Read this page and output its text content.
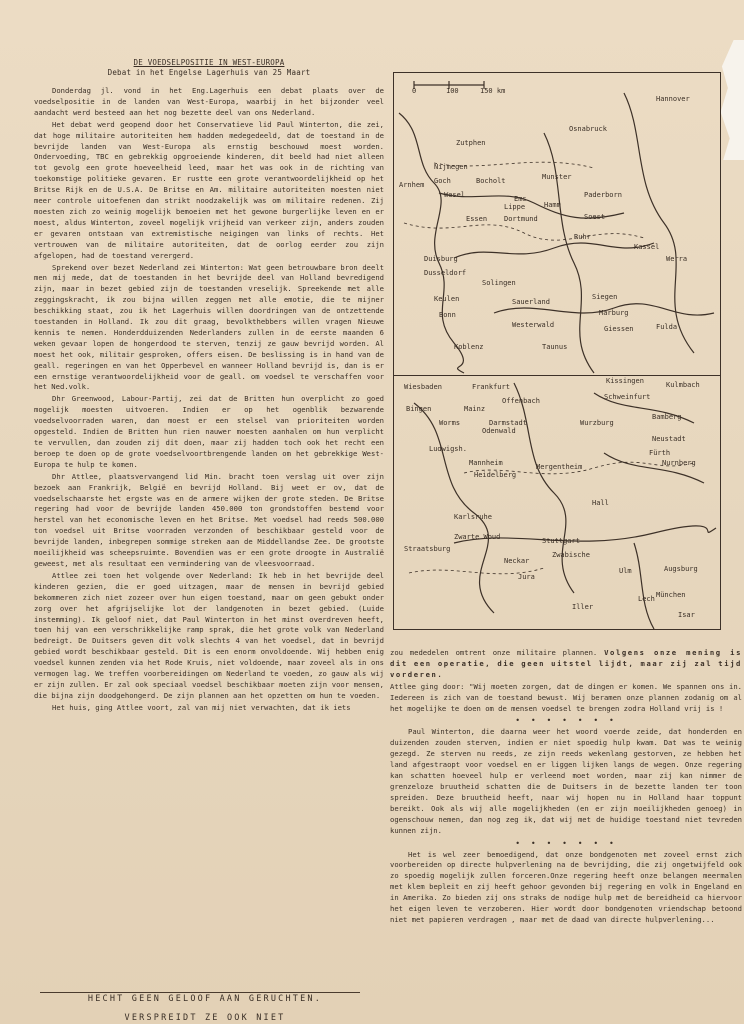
DE VOEDSELPOSITIE IN WEST-EUROPA
Debat in het Engelse Lagerhuis van 25 Maart

Donderdag jl. vond in het Eng.Lagerhuis een debat plaats over de voedselpositie in de landen van West-Europa, waarbij in het bijzonder veel aandacht werd besteed aan het nog bezette deel van ons Nederland.

Het debat werd geopend door het Conservatieve lid Paul Winterton, die zei, dat hoge militaire autoriteiten hem hadden medegedeeld, dat de toestand in de bevrijde landen van West-Europa als ernstig beschouwd moest worden. Ondervoeding, TBC en gebrekkig opgroeiende kinderen, dit beeld had niet alleen tot gevolg een grote hoeveelheid leed, maar het was ook in de richting van toekomstige politieke gevaren. Er rustte een grote verantwoordelijkheid op het Britse Rijk en de U.S.A. De Britse en Am. militaire autoriteiten moesten niet meer controle uitoefenen dan strikt noodzakelijk was om militaire redenen. Zij moesten zich zo weinig mogelijk bemoeien met het gewone burgerlijke leven en er moest, aldus Winterton, zoveel mogelijk vrijheid van verkeer zijn, anders zouden er gevaren ontstaan van extremistische neigingen van links of rechts. Het vertrouwen van de militaire autoriteiten, dat de oorlog eerder zou zijn afgelopen, had de toestand verergerd.

Sprekend over bezet Nederland zei Winterton: Wat geen betrouwbare bron deelt men mij mede, dat de toestanden in het bevrijde deel van Holland bevredigend zijn, maar in bezet gebied zijn de toestanden vreselijk. Spreekende met alle zeggingskracht, ik zou bijna willen zeggen met alle emotie, die te mijner beschikking staat, zou ik het Lagerhuis willen doordringen van de ontzettende toestanden in Holland. Ik zou dit graag, bevolkthebbers willen vragen Nieuwe kennis te nemen. Honderdduizenden Nederlanders zullen in de eerste maanden 6 weken gevaar lopen de hongerdood te sterven, tenzij ze gauw bevrijd worden. Al moest het ook, militair gesproken, offers eisen. De beslissing is in hand van de geall. regeringen en van het Opperbevel en wanneer Holland bevrijd is, dan is er een ernstige verantwoordelijkheid voor de geall. om voedsel te verschaffen voor het Ned.volk.

Dhr Greenwood, Labour-Partij, zei dat de Britten hun overplicht zo goed mogelijk moesten uitvoeren. Indien er op het ogenblik bezwarende voedselvoorraden waren, dan moest er een stelsel van prioriteiten worden opgesteld. Indien de Britten hun rien nauwer moesten aanhalen om hun verplicht te vervullen, dan zouden zij dit doen, maar zij hadden toch ook het recht een beroep te doen op de grote voedselvoortbrengende landen om het gebrekkige West-Europa te hulp te komen.

Dhr Attlee, plaatsvervangend lid Min. bracht toen verslag uit over zijn bezoek aan Frankrijk, België en bevrijd Holland. Bij weet er ov, dat de voedselschaarste het ergste was en de armere wijken der grote steden. De Britse regering had voor de bevrijde landen 450.000 ton grondstoffen bestemd voor herstel van het economische leven en het Britse. Met voedsel had reeds 500.000 ton voedsel uit Britse voorraden verzonden of beschikbaar gesteld voor de bevrijde landen, inbegrepen sommige streken aan de Middellandse Zee. De grootste moeilijkheid was scheepsruimte. Bovendien was er een grote droogte in Australië geweest, met als resultaat een vermindering van de vleesvoorraad.

Attlee zei toen het volgende over Nederland: Ik heb in het bevrijde deel kinderen gezien, die er goed uitzagen, maar de mensen in bevrijd gebied bekommeren zich niet zozeer over hun eigen toestand, maar om geen gebukt onder zorg over het afgrijselijke lot der landgenoten in bezet gebied. (Luide instemming). Ik geloof niet, dat Paul Winterton in het minst overdreven heeft, toen hij van een verschrikkelijke ramp sprak, die het grote volk van Nederland bedreigt. De Duitsers geven dit volk slechts 4 van het voedsel, dat in bevrijd gebied wordt beschikbaar gesteld. Dit is een enorm onvoldoende. Wij hebben enig voedsel kunnen zenden via het Rode Kruis, niet voldoende, maar zoveel als in ons vermogen lag. We treffen voorbereidingen om Nederland te voeden, zo gauw als wij er zijn zullen. Er zal ook speciaal voedsel beschikbaar moeten zijn voor mensen, die bijna zijn doodgehongerd. De zijn plannen aan het opzetten om hun te voeden.

Het huis, ging Attlee voort, zal van mij niet verwachten, dat ik iets

HECHT GEEN GELOOF AAN GERUCHTEN.
VERSPREIDT ZE OOK NIET
Hannover
Osnabruck
Zutphen
Nijmegen
Goch
Wesel
Bocholt	Munster
Paderborn
Lippe	Hamm
Soest
Essen Dortmund
Ruhr
Duisburg
Dusseldorf
Solingen
Keulen	Siegen
Bonn	Marburg
Giessen
Koblenz
Fulda
Kassel
Sauerland
Westerwald
Taunus
Werra
Ems
Arnhem
Wiesbaden	Frankfurt
Kissingen	Kulmbach
Bingen	Mainz
Offenbach	Schweinfurt
Worms	Darmstadt
Bamberg
Ludwigsh.
Wurzburg
Neustadt
Fürth
Mannheim	Nurnberg
Heidelberg
Mergentheim
Hall
Karlsruhe
Straatsburg
Stuttgart
Ulm	Augsburg
München
Odenwald
Zwarte Woud
Jura
Lech
Iller
Isar
Neckar
Zwabische
0	100	150 km

zou mededelen omtrent onze militaire plannen. Volgens onze mening is dit een operatie, die geen uitstel lijdt, maar zij zal tijd vorderen.

Attlee ging door: "Wij moeten zorgen, dat de dingen er komen. We spannen ons in. Iedereen is zich van de toestand bewust. Wij beramen onze plannen zodanig om al het mogelijke te doen om de mensen voedsel te brengen zodra Holland vrij is !

• • • • • • •

Paul Winterton, die daarna weer het woord voerde zeide, dat honderden en duizenden zouden sterven, indien er niet spoedig hulp kwam. Dat was te weinig gezegd. Ze sterven nu reeds, ze zijn reeds wekenlang gestorven, ze hebben het land afgestraopt voor voedsel en er liggen lijken langs de wegen. Onze regering kan schatten hoeveel hulp er verleend moet worden, maar zij kan nimmer de grenzeloze bruutheid schatten die de Duitsers in de bezette landen ter toon spreiden. Deze bruutheid heeft, naar wij hopen nu in Holland haar toppunt bereikt. Ook als wij alle mogelijkheden (en er zijn moeilijkheden genoeg) in ogenschouw nemen, dan nog zeg ik, dat wij met de huidige toestand niet tevreden kunnen zijn.

• • • • • • •

Het is wel zeer bemoedigend, dat onze bondgenoten met zoveel ernst zich voorbereiden op directe hulpverlening na de bevrijding, die zij ongetwijfeld ook zo spoedig mogelijk zullen forceren.Onze regering heeft onze belangen meermalen met klem bepleit en zij heeft gehoor gevonden bij regering en volk in Engeland en in Amerika. Zo bieden zij ons straks de nodige hulp met de bereidheid ca hiervoor het eigen leven te verzoberen. Hier wordt door bondgenoten vriendschap betoond niet met papieren verdragen , maar met de daad van directe hulpverlening...
